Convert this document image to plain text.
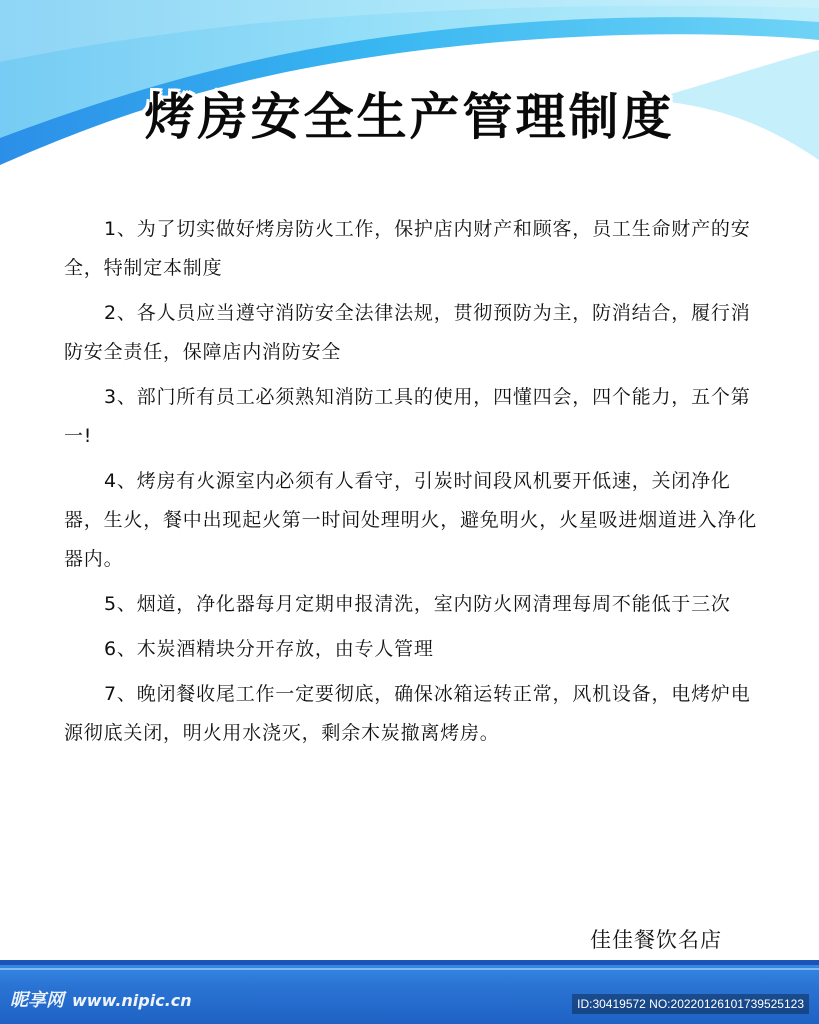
烤房安全生产管理制度

1、为了切实做好烤房防火工作，保护店内财产和顾客，员工生命财产的安全，特制定本制度

2、各人员应当遵守消防安全法律法规，贯彻预防为主，防消结合，履行消防安全责任，保障店内消防安全

3、部门所有员工必须熟知消防工具的使用，四懂四会，四个能力，五个第一!

4、烤房有火源室内必须有人看守，引炭时间段风机要开低速，关闭净化器，生火，餐中出现起火第一时间处理明火，避免明火，火星吸进烟道进入净化器内。

5、烟道，净化器每月定期申报清洗，室内防火网清理每周不能低于三次

6、木炭酒精块分开存放，由专人管理

7、晚闭餐收尾工作一定要彻底，确保冰箱运转正常，风机设备，电烤炉电源彻底关闭，明火用水浇灭，剩余木炭撤离烤房。

佳佳餐饮名店
昵享网 www.nipic.cn	ID:30419572 NO:20220126101739525123
